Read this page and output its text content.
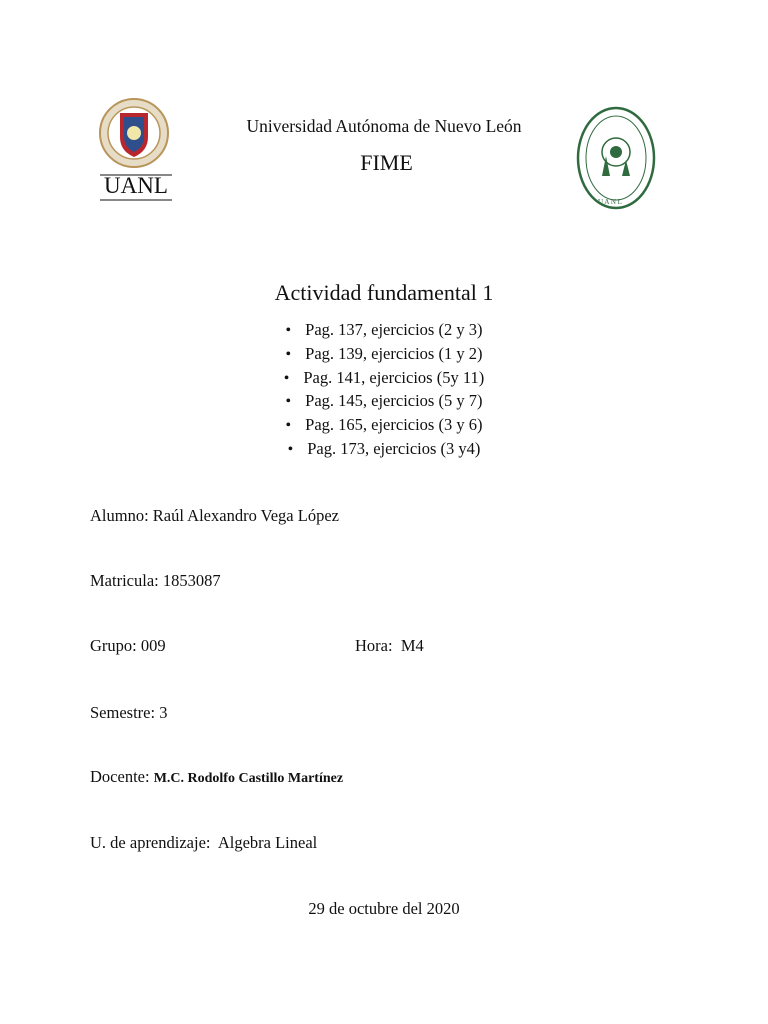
UANL
U A N L
Universidad Autónoma de Nuevo León
FIME
Actividad fundamental 1
• Pag. 137, ejercicios (2 y 3)
• Pag. 139, ejercicios (1 y 2)
• Pag. 141, ejercicios (5y 11)
• Pag. 145, ejercicios (5 y 7)
• Pag. 165, ejercicios (3 y 6)
• Pag. 173, ejercicios (3 y4)
Alumno: Raúl Alexandro Vega López
Matricula: 1853087
Grupo: 009	Hora:  M4
Semestre: 3
Docente: M.C. Rodolfo Castillo Martínez
U. de aprendizaje:  Algebra Lineal
29 de octubre del 2020
